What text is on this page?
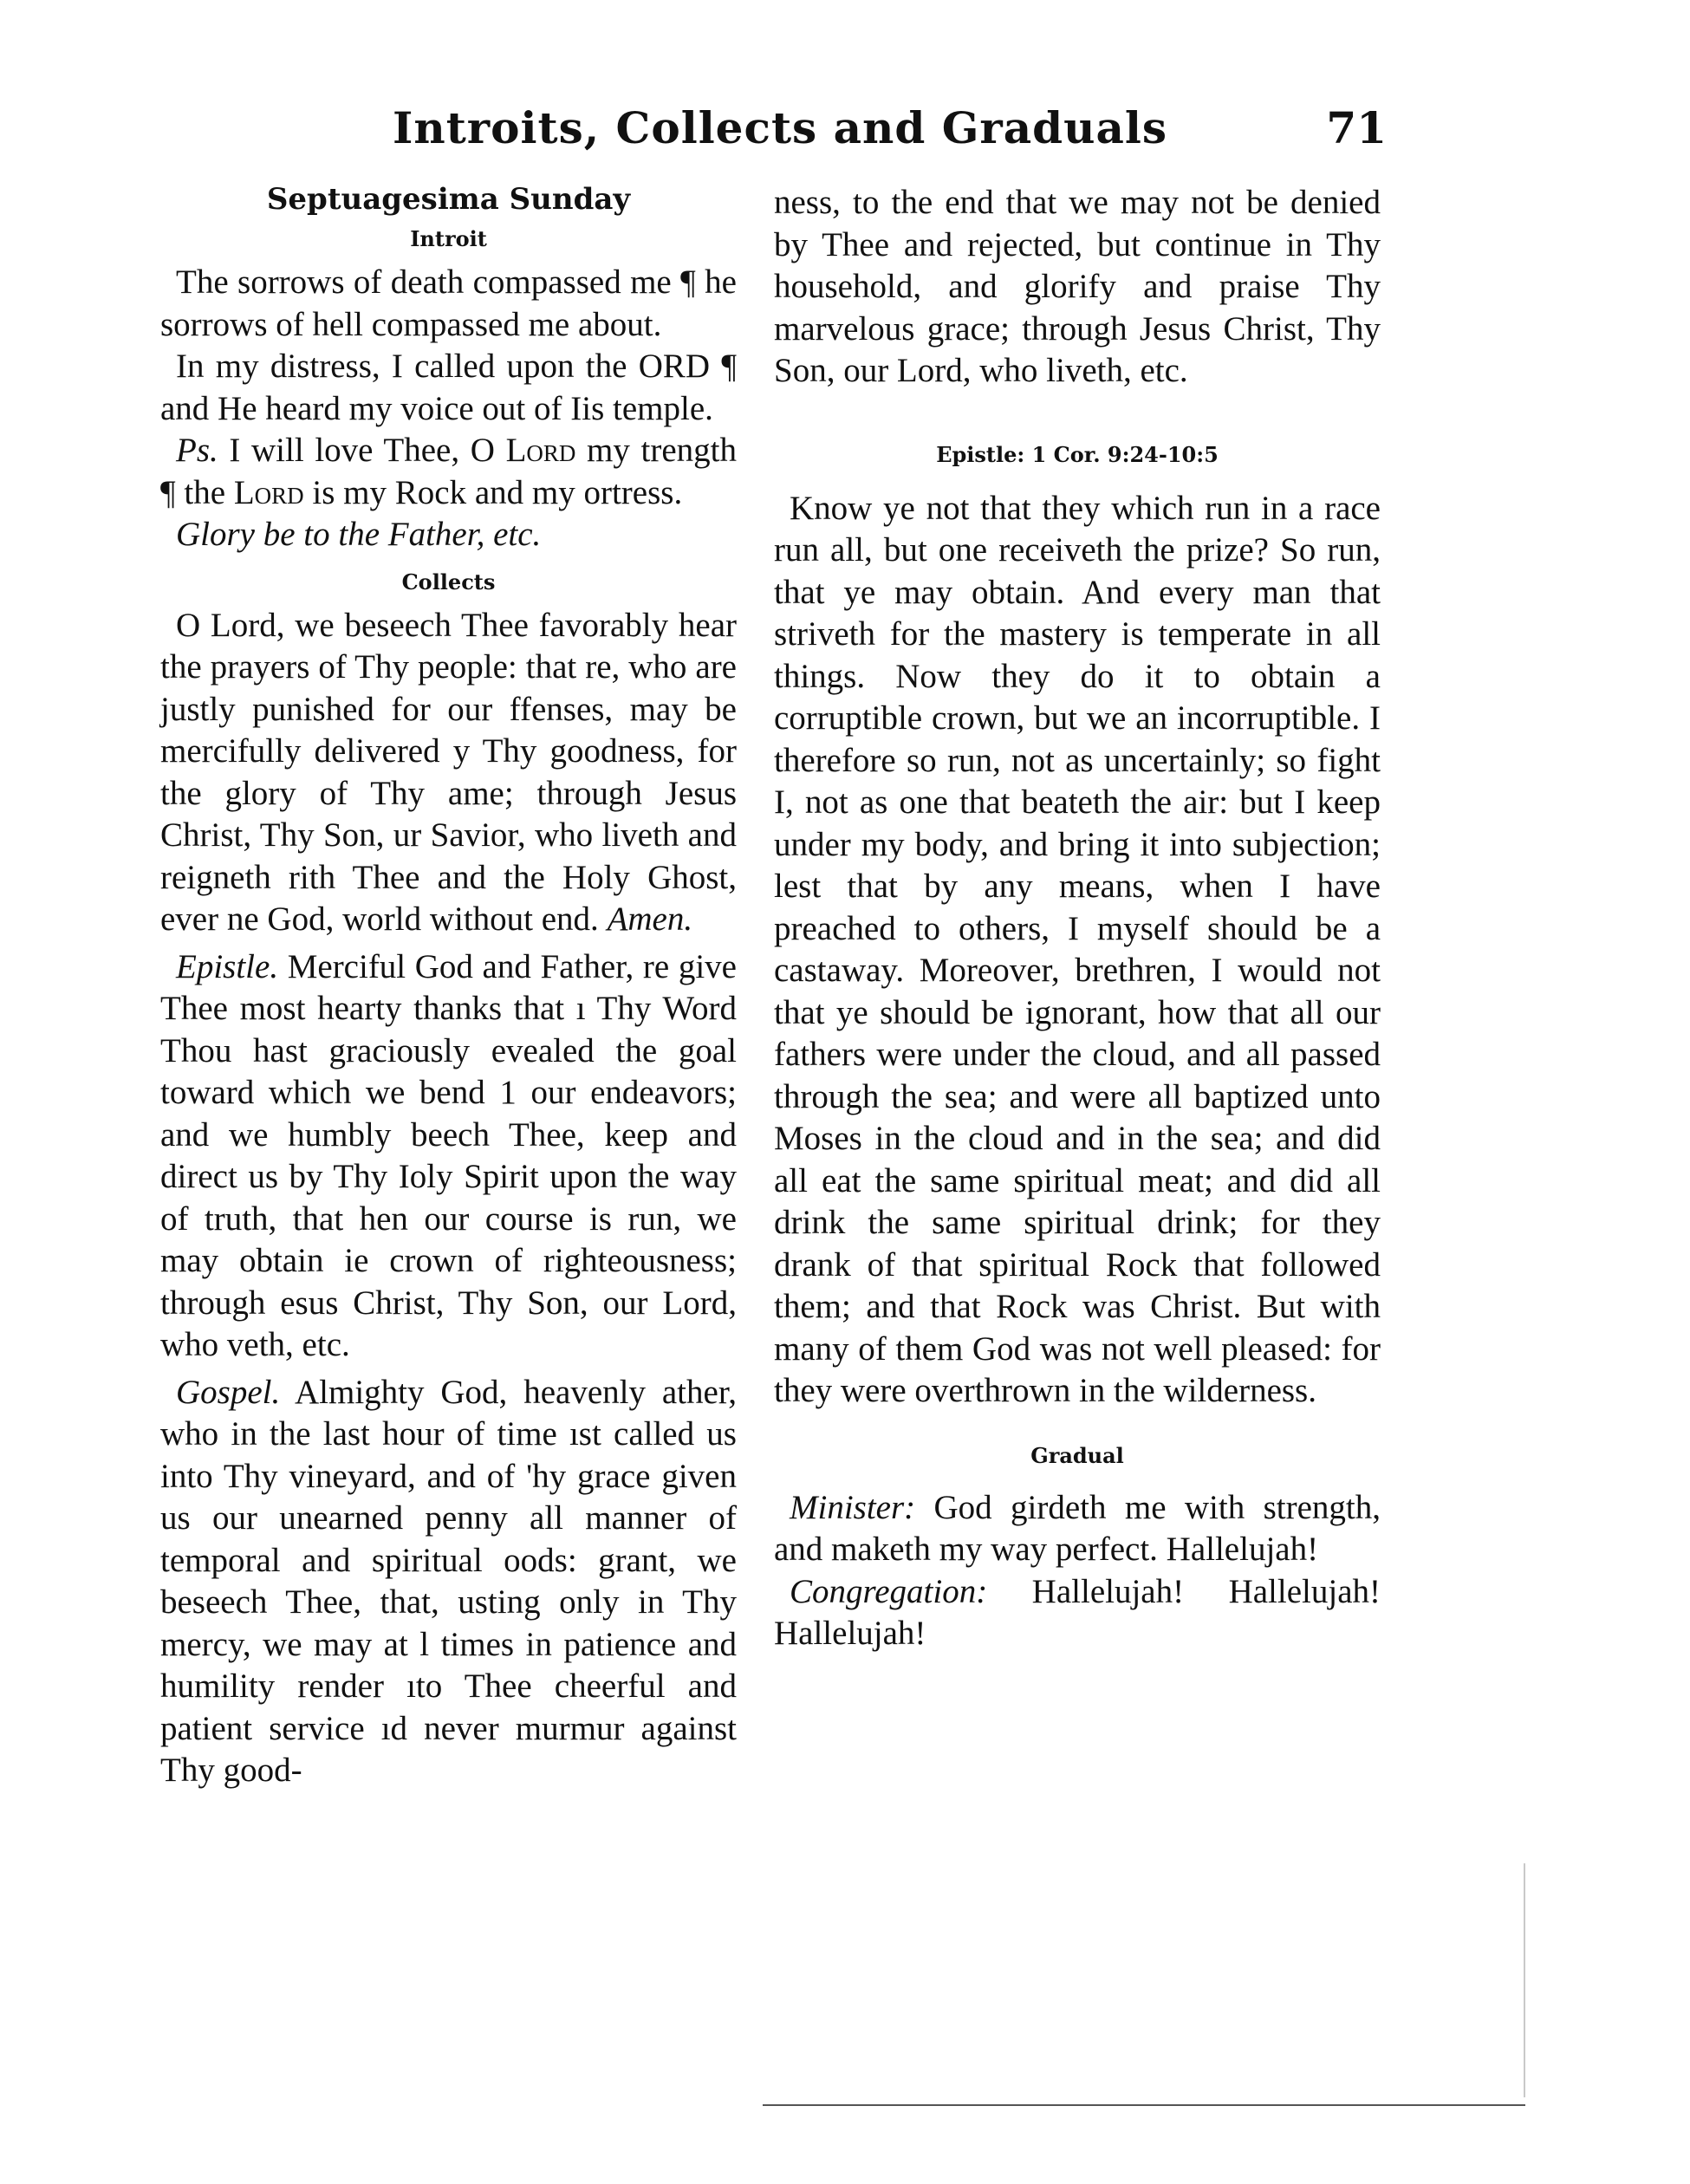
Introits, Collects and Graduals	71
Septuagesima Sunday
Introit

The sorrows of death compassed me ¶ he sorrows of hell compassed me about.

In my distress, I called upon the ORD ¶ and He heard my voice out of Iis temple.

Ps. I will love Thee, O Lord my trength ¶ the Lord is my Rock and my ortress.

Glory be to the Father, etc.

Collects

O Lord, we beseech Thee favorably hear the prayers of Thy people: that re, who are justly punished for our ffenses, may be mercifully delivered y Thy goodness, for the glory of Thy ame; through Jesus Christ, Thy Son, ur Savior, who liveth and reigneth rith Thee and the Holy Ghost, ever ne God, world without end. Amen.

Epistle. Merciful God and Father, re give Thee most hearty thanks that ı Thy Word Thou hast graciously evealed the goal toward which we bend 1 our endeavors; and we humbly beech Thee, keep and direct us by Thy Ioly Spirit upon the way of truth, that hen our course is run, we may obtain ie crown of righteousness; through esus Christ, Thy Son, our Lord, who veth, etc.

Gospel. Almighty God, heavenly ather, who in the last hour of time ıst called us into Thy vineyard, and of 'hy grace given us our unearned penny all manner of temporal and spiritual oods: grant, we beseech Thee, that, usting only in Thy mercy, we may at l times in patience and humility render ıto Thee cheerful and patient service ıd never murmur against Thy good-

ness, to the end that we may not be denied by Thee and rejected, but continue in Thy household, and glorify and praise Thy marvelous grace; through Jesus Christ, Thy Son, our Lord, who liveth, etc.

Epistle: 1 Cor. 9:24-10:5

Know ye not that they which run in a race run all, but one receiveth the prize? So run, that ye may obtain. And every man that striveth for the mastery is temperate in all things. Now they do it to obtain a corruptible crown, but we an incorruptible. I therefore so run, not as uncertainly; so fight I, not as one that beateth the air: but I keep under my body, and bring it into subjection; lest that by any means, when I have preached to others, I myself should be a castaway. Moreover, brethren, I would not that ye should be ignorant, how that all our fathers were under the cloud, and all passed through the sea; and were all baptized unto Moses in the cloud and in the sea; and did all eat the same spiritual meat; and did all drink the same spiritual drink; for they drank of that spiritual Rock that followed them; and that Rock was Christ. But with many of them God was not well pleased: for they were overthrown in the wilderness.

Gradual

Minister: God girdeth me with strength, and maketh my way perfect. Hallelujah!

Congregation: Hallelujah! Hallelujah! Hallelujah!
